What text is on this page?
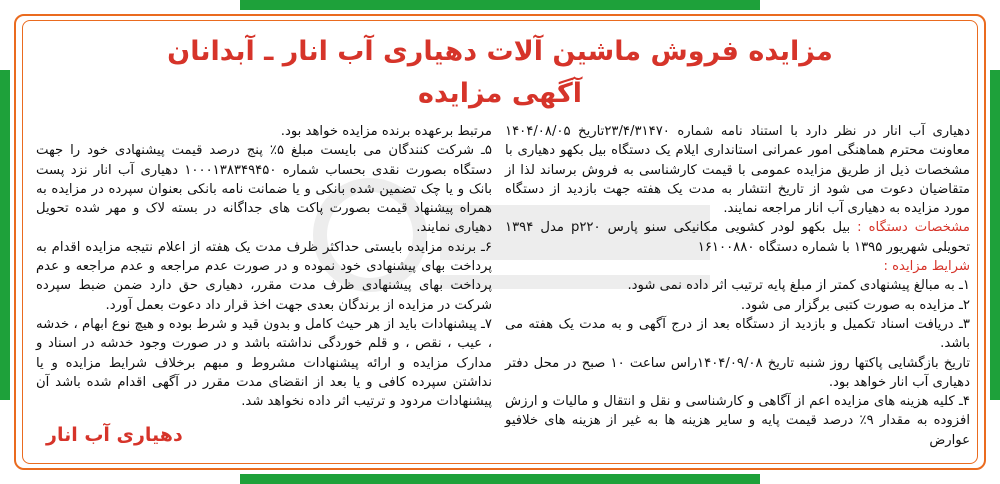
مزایده فروش ماشین آلات دهیاری آب انار ـ آبدانان
آگهی مزایده

دهیاری آب انار در نظر دارد با استناد نامه شماره ۲۳/۴/۳۱۴۷۰تاریخ ۱۴۰۴/۰۸/۰۵ معاونت محترم هماهنگی امور عمرانی استانداری ایلام یک دستگاه بیل بکهو دهیاری با مشخصات ذیل از طریق مزایده عمومی با قیمت کارشناسی به فروش برساند لذا از متقاضیان دعوت می شود از تاریخ انتشار به مدت یک هفته جهت بازدید از دستگاه مورد مزایده به دهیاری آب انار مراجعه نمایند.

مشخصات دستگاه : بیل بکهو لودر کشویی مکانیکی سنو پارس p۲۲۰ مدل ۱۳۹۴ تحویلی شهریور ۱۳۹۵ با شماره دستگاه ۱۶۱۰۰۸۸۰

شرایط مزایده :

۱ـ به مبالغ پیشنهادی کمتر از مبلغ پایه ترتیب اثر داده نمی شود.

۲ـ مزایده به صورت کتبی برگزار می شود.

۳ـ دریافت اسناد تکمیل و بازدید از دستگاه بعد از درج آگهی و به مدت یک هفته می باشد.

تاریخ بازگشایی پاکتها روز شنبه تاریخ ۱۴۰۴/۰۹/۰۸راس ساعت ۱۰ صبح در محل دفتر دهیاری آب انار خواهد بود.

۴ـ کلیه هزینه های مزایده اعم از آگاهی و کارشناسی و نقل و انتقال و مالیات و ارزش افزوده به مقدار ۹٪ درصد قیمت پایه و سایر هزینه ها به غیر از هزینه های خلافیو عوارض

مرتبط برعهده برنده مزایده خواهد بود.

۵ـ شرکت کنندگان می بایست مبلغ ۵٪ پنج درصد قیمت پیشنهادی خود را جهت دستگاه بصورت نقدی بحساب شماره ۱۰۰۰۱۳۸۳۴۹۴۵۰ دهیاری آب انار نزد پست بانک و یا چک تضمین شده بانکی و یا ضمانت نامه بانکی بعنوان سپرده در مزایده به همراه پیشنهاد قیمت بصورت پاکت های جداگانه در بسته لاک و مهر شده تحویل دهیاری نمایند.

۶ـ برنده مزایده بایستی حداکثر ظرف مدت یک هفته از اعلام نتیجه مزایده اقدام به پرداخت بهای پیشنهادی خود نموده و در صورت عدم مراجعه و عدم مراجعه و عدم پرداخت بهای پیشنهادی ظرف مدت مقرر، دهیاری حق دارد ضمن ضبط سپرده شرکت در مزایده از برندگان بعدی جهت اخذ قرار داد دعوت بعمل آورد.

۷ـ پیشنهادات باید از هر حیث کامل و بدون قید و شرط بوده و هیچ نوع ابهام ، خدشه ، عیب ، نقص ، و قلم خوردگی نداشته باشد و در صورت وجود خدشه در اسناد و مدارک مزایده و ارائه پیشنهادات مشروط و مبهم برخلاف شرایط مزایده و یا نداشتن سپرده کافی و یا بعد از انقضای مدت مقرر در آگهی اقدام شده باشد آن پیشنهادات مردود و ترتیب اثر داده نخواهد شد.

دهیاری آب انار
